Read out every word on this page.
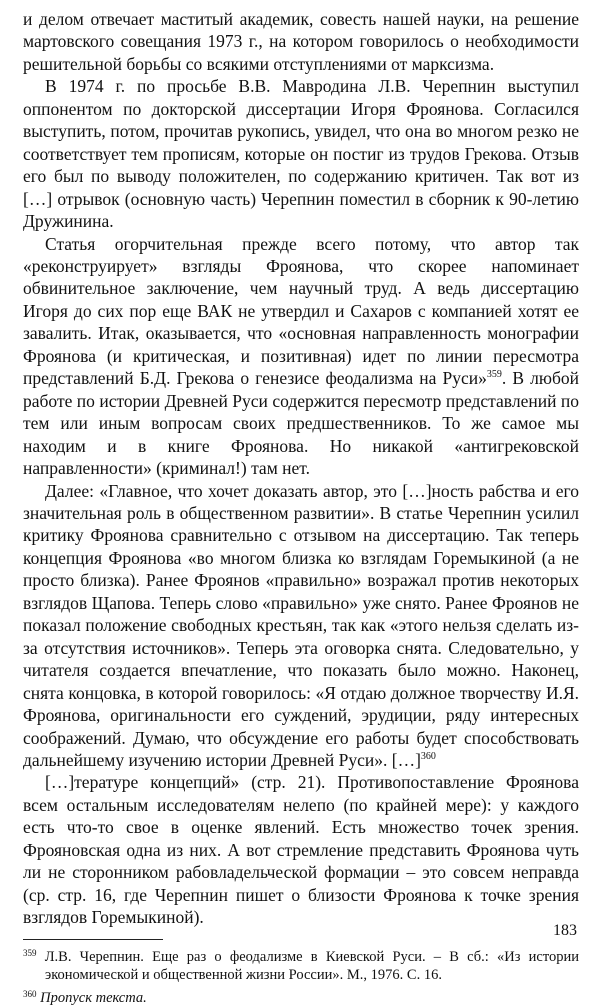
и делом отвечает маститый академик, совесть нашей науки, на решение мартовского совещания 1973 г., на котором говорилось о необходимости решительной борьбы со всякими отступлениями от марксизма.

В 1974 г. по просьбе В.В. Мавродина Л.В. Черепнин выступил оппонентом по докторской диссертации Игоря Фроянова. Согласился выступить, потом, прочитав рукопись, увидел, что она во многом резко не соответствует тем прописям, которые он постиг из трудов Грекова. Отзыв его был по выводу положителен, по содержанию критичен. Так вот из […] отрывок (основную часть) Черепнин поместил в сборник к 90-летию Дружинина.

Статья огорчительная прежде всего потому, что автор так «реконструирует» взгляды Фроянова, что скорее напоминает обвинительное заключение, чем научный труд. А ведь диссертацию Игоря до сих пор еще ВАК не утвердил и Сахаров с компанией хотят ее завалить. Итак, оказывается, что «основная направленность монографии Фроянова (и критическая, и позитивная) идет по линии пересмотра представлений Б.Д. Грекова о генезисе феодализма на Руси»$^{359}$. В любой работе по истории Древней Руси содержится пересмотр представлений по тем или иным вопросам своих предшественников. То же самое мы находим и в книге Фроянова. Но никакой «антигрековской направленности» (криминал!) там нет.

Далее: «Главное, что хочет доказать автор, это […]ность рабства и его значительная роль в общественном развитии». В статье Черепнин усилил критику Фроянова сравнительно с отзывом на диссертацию. Так теперь концепция Фроянова «во многом близка ко взглядам Горемыкиной (а не просто близка). Ранее Фроянов «правильно» возражал против некоторых взглядов Щапова. Теперь слово «правильно» уже снято. Ранее Фроянов не показал положение свободных крестьян, так как «этого нельзя сделать из-за отсутствия источников». Теперь эта оговорка снята. Следовательно, у читателя создается впечатление, что показать было можно. Наконец, снята концовка, в которой говорилось: «Я отдаю должное творчеству И.Я. Фроянова, оригинальности его суждений, эрудиции, ряду интересных соображений. Думаю, что обсуждение его работы будет способствовать дальнейшему изучению истории Древней Руси». […]$^{360}$

[…]тературе концепций» (стр. 21). Противопоставление Фроянова всем остальным исследователям нелепо (по крайней мере): у каждого есть что-то свое в оценке явлений. Есть множество точек зрения. Фрояновская одна из них. А вот стремление представить Фроянова чуть ли не сторонником рабовладельческой формации – это совсем неправда (ср. стр. 16, где Черепнин пишет о близости Фроянова к точке зрения взглядов Горемыкиной).

$^{359}$ Л.В. Черепнин. Еще раз о феодализме в Киевской Руси. – В сб.: «Из истории экономической и общественной жизни России». М., 1976. С. 16.
$^{360}$ Пропуск текста.
183
